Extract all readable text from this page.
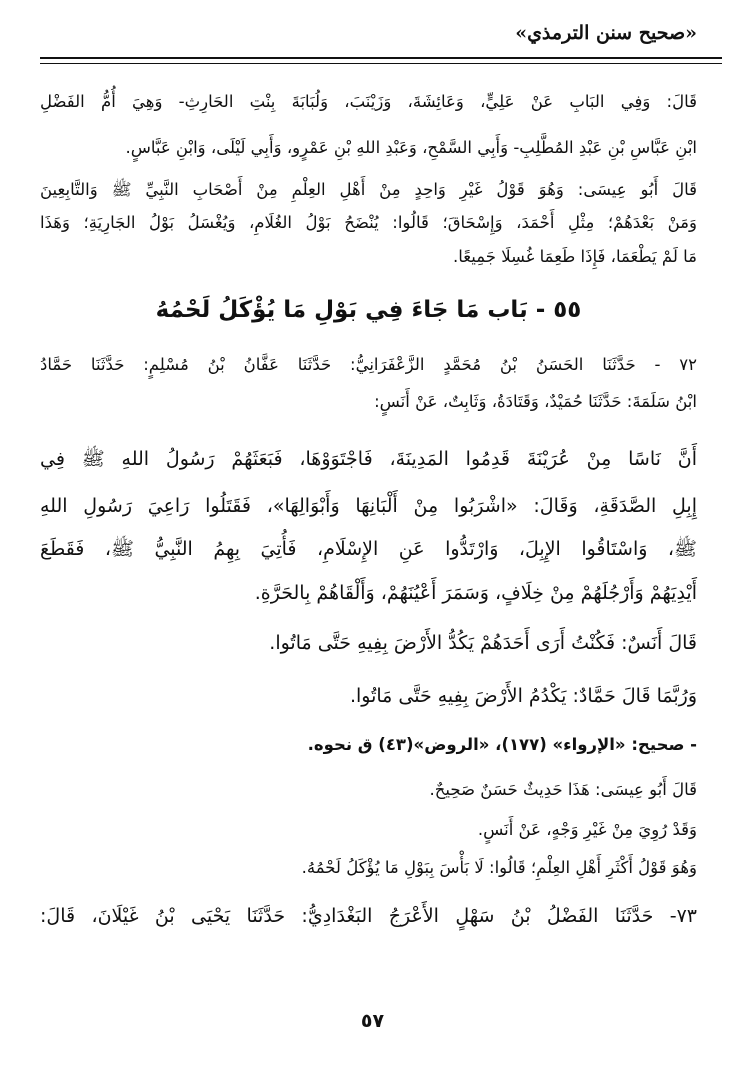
«صحيح سنن الترمذي»
قَالَ: وَفِي البَابِ عَنْ عَلِيٍّ، وَعَائِشَةَ، وَزَيْنَبَ، وَلُبَابَةَ بِنْتِ الحَارِثِ- وَهِيَ أُمُّ الفَضْلِ
ابْنِ عَبَّاسِ بْنِ عَبْدِ المُطَّلِبِ- وَأَبِي السَّمْحِ، وَعَبْدِ اللهِ بْنِ عَمْرٍو، وَأَبِي لَيْلَى، وَابْنِ عَبَّاسٍ.
قَالَ أَبُو عِيسَى: وَهُوَ قَوْلُ غَيْرِ وَاحِدٍ مِنْ أَهْلِ العِلْمِ مِنْ أَصْحَابِ النَّبِيِّ ﷺ وَالتَّابِعِينَ
وَمَنْ بَعْدَهُمْ؛ مِثْلِ أَحْمَدَ، وَإِسْحَاقَ؛ قَالُوا: يُنْضَحُ بَوْلُ الغُلَامِ، وَيُغْسَلُ بَوْلُ الجَارِيَةِ؛ وَهَذَا
مَا لَمْ يَطْعَمَا، فَإِذَا طَعِمَا غُسِلَا جَمِيعًا.
٥٥ - بَاب مَا جَاءَ فِي بَوْلِ مَا يُؤْكَلُ لَحْمُهُ
٧٢ - حَدَّثَنَا الحَسَنُ بْنُ مُحَمَّدٍ الزَّعْفَرَانِيُّ: حَدَّثَنَا عَفَّانُ بْنُ مُسْلِمٍ: حَدَّثَنَا حَمَّادُ
ابْنُ سَلَمَةَ: حَدَّثَنَا حُمَيْدٌ، وَقَتَادَةُ، وَثَابِتٌ، عَنْ أَنَسٍ:
أَنَّ نَاسًا مِنْ عُرَيْنَةَ قَدِمُوا المَدِينَةَ، فَاجْتَوَوْهَا، فَبَعَثَهُمْ رَسُولُ اللهِ ﷺ فِي
إِبِلِ الصَّدَقَةِ، وَقَالَ: «اشْرَبُوا مِنْ أَلْبَانِهَا وَأَبْوَالِهَا»، فَقَتَلُوا رَاعِيَ رَسُولِ اللهِ
ﷺ، وَاسْتَاقُوا الإِبِلَ، وَارْتَدُّوا عَنِ الإِسْلَامِ، فَأُتِيَ بِهِمُ النَّبِيُّ ﷺ، فَقَطَعَ
أَيْدِيَهُمْ وَأَرْجُلَهُمْ مِنْ خِلَافٍ، وَسَمَرَ أَعْيُنَهُمْ، وَأَلْقَاهُمْ بِالحَرَّةِ.
قَالَ أَنَسٌ: فَكُنْتُ أَرَى أَحَدَهُمْ يَكُدُّ الأَرْضَ بِفِيهِ حَتَّى مَاتُوا.
وَرُبَّمَا قَالَ حَمَّادٌ: يَكْدُمُ الأَرْضَ بِفِيهِ حَتَّى مَاتُوا.
- صحيح: «الإرواء» (١٧٧)، «الروض»(٤٣) ق نحوه.
قَالَ أَبُو عِيسَى: هَذَا حَدِيثٌ حَسَنٌ صَحِيحٌ.
وَقَدْ رُوِيَ مِنْ غَيْرِ وَجْهٍ، عَنْ أَنَسٍ.
وَهُوَ قَوْلُ أَكْثَرِ أَهْلِ العِلْمِ؛ قَالُوا: لَا بَأْسَ بِبَوْلِ مَا يُؤْكَلُ لَحْمُهُ.
٧٣- حَدَّثَنَا الفَضْلُ بْنُ سَهْلٍ الأَعْرَجُ البَغْدَادِيُّ: حَدَّثَنَا يَحْيَى بْنُ غَيْلَانَ، قَالَ:
٥٧
